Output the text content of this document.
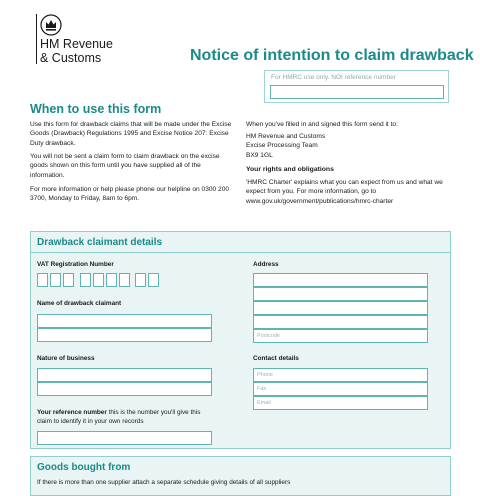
HM Revenue
& Customs	Notice of intention to claim drawback
For HMRC use only. NOI reference number
When to use this form
Use this form for drawback claims that will be made under the Excise Goods (Drawback) Regulations 1995 and Excise Notice 207: Excise Duty drawback.
You will not be sent a claim form to claim drawback on the excise goods shown on this form until you have supplied all of the information.
For more information or help please phone our helpline on 0300 200 3700, Monday to Friday, 8am to 6pm.
When you've filled in and signed this form send it to:
HM Revenue and Customs
Excise Processing Team
BX9 1GL
Your rights and obligations
'HMRC Charter' explains what you can expect from us and what we expect from you. For more information, go to www.gov.uk/government/publications/hmrc-charter
Drawback claimant details
VAT Registration Number
Name of drawback claimant
Nature of business
Your reference number this is the number you'll give this claim to identify it in your own records
Address
Postcode
Contact details
Phone
Fax
Email
Goods bought from
If there is more than one supplier attach a separate schedule giving details of all suppliers
